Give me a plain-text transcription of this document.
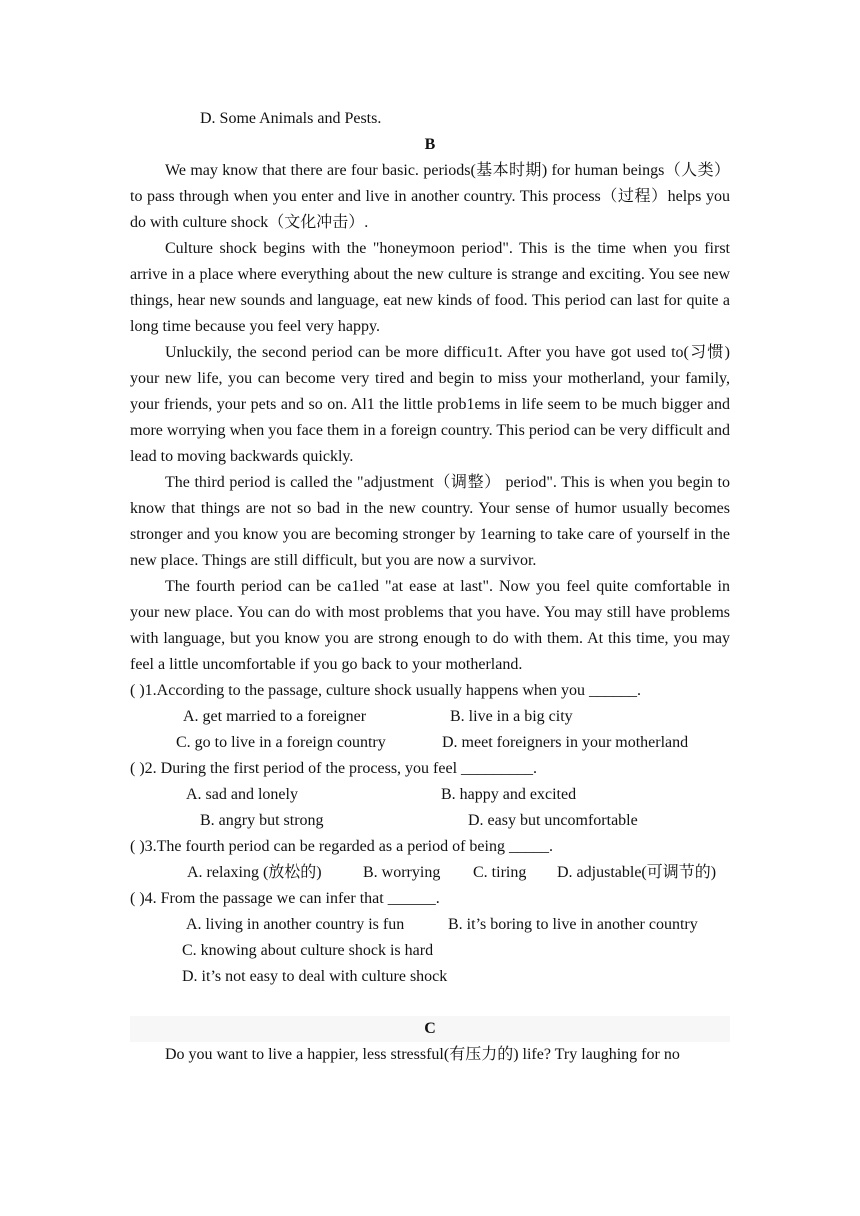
D. Some Animals and Pests.
B
We may know that there are four basic. periods(基本时期) for human beings（人类）to pass through when you enter and live in another country. This process（过程）helps you do with culture shock（文化冲击）.
Culture shock begins with the "honeymoon period". This is the time when you first arrive in a place where everything about the new culture is strange and exciting. You see new things, hear new sounds and language, eat new kinds of food. This period can last for quite a long time because you feel very happy.
Unluckily, the second period can be more difficu1t. After you have got used to(习惯) your new life, you can become very tired and begin to miss your motherland, your family, your friends, your pets and so on. Al1 the little prob1ems in life seem to be much bigger and more worrying when you face them in a foreign country. This period can be very difficult and lead to moving backwards quickly.
The third period is called the "adjustment（调整） period". This is when you begin to know that things are not so bad in the new country. Your sense of humor usually becomes stronger and you know you are becoming stronger by 1earning to take care of yourself in the new place. Things are still difficult, but you are now a survivor.
The fourth period can be ca1led "at ease at last". Now you feel quite comfortable in your new place. You can do with most problems that you have. You may still have problems with language, but you know you are strong enough to do with them. At this time, you may feel a little uncomfortable if you go back to your motherland.
( )1.According to the passage, culture shock usually happens when you ______.
A. get married to a foreigner	B. live in a big city
C. go to live in a foreign country	D. meet foreigners in your motherland
( )2. During the first period of the process, you feel _________.
A. sad and lonely	B. happy and excited
B. angry but strong	D. easy but uncomfortable
( )3.The fourth period can be regarded as a period of being _____.
A. relaxing (放松的)	B. worrying	C. tiring	D. adjustable(可调节的)
( )4. From the passage we can infer that ______.
A. living in another country is fun	B. it’s boring to live in another country
C. knowing about culture shock is hard
D. it’s not easy to deal with culture shock
C
Do you want to live a happier, less stressful(有压力的) life? Try laughing for no
